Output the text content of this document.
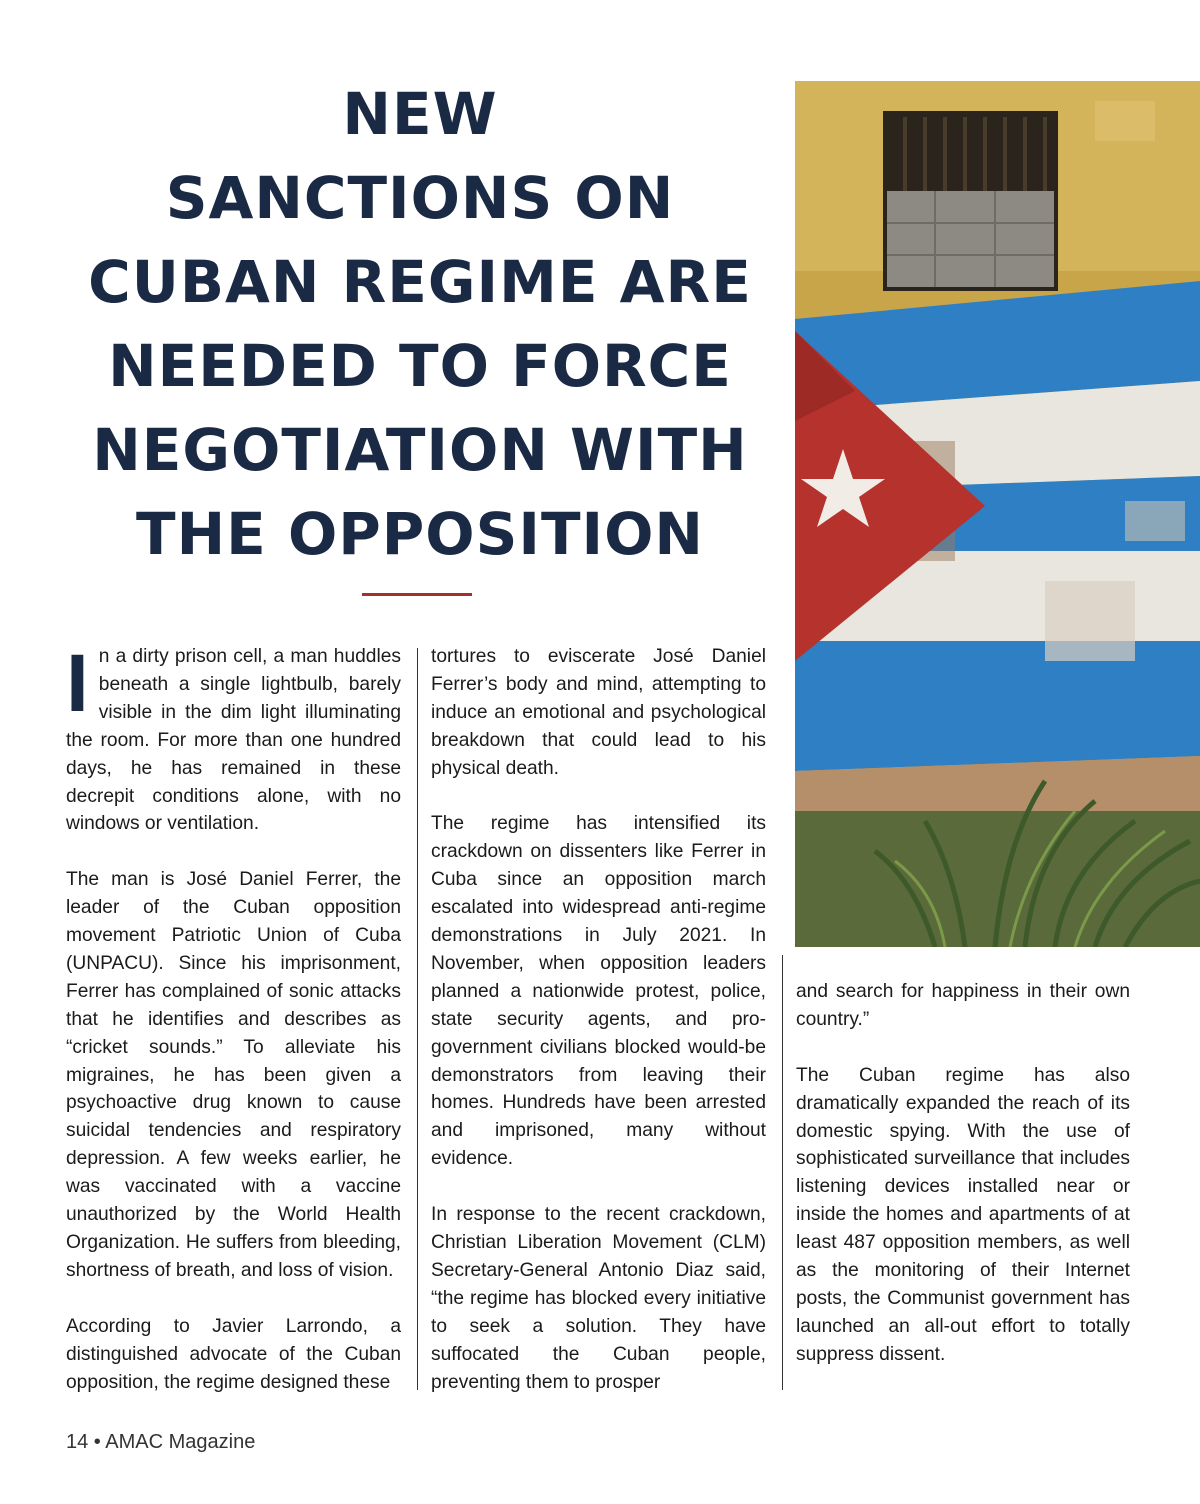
NEW
SANCTIONS ON
CUBAN REGIME ARE
NEEDED TO FORCE
NEGOTIATION WITH
THE OPPOSITION

In a dirty prison cell, a man huddles beneath a single lightbulb, barely visible in the dim light illuminating the room. For more than one hundred days, he has remained in these decrepit conditions alone, with no windows or ventilation.

The man is José Daniel Ferrer, the leader of the Cuban opposition movement Patriotic Union of Cuba (UNPACU). Since his imprisonment, Ferrer has complained of sonic attacks that he identifies and describes as “cricket sounds.” To alleviate his migraines, he has been given a psychoactive drug known to cause suicidal tendencies and respiratory depression. A few weeks earlier, he was vaccinated with a vaccine unauthorized by the World Health Organization. He suffers from bleeding, shortness of breath, and loss of vision.

According to Javier Larrondo, a distinguished advocate of the Cuban opposition, the regime designed these

tortures to eviscerate José Daniel Ferrer’s body and mind, attempting to induce an emotional and psychological breakdown that could lead to his physical death.

The regime has intensified its crackdown on dissenters like Ferrer in Cuba since an opposition march escalated into widespread anti-regime demonstrations in July 2021. In November, when opposition leaders planned a nationwide protest, police, state security agents, and pro-government civilians blocked would-be demonstrators from leaving their homes. Hundreds have been arrested and imprisoned, many without evidence.

In response to the recent crackdown, Christian Liberation Movement (CLM) Secretary-General Antonio Diaz said, “the regime has blocked every initiative to seek a solution. They have suffocated the Cuban people, preventing them to prosper

and search for happiness in their own country.”

The Cuban regime has also dramatically expanded the reach of its domestic spying. With the use of sophisticated surveillance that includes listening devices installed near or inside the homes and apartments of at least 487 opposition members, as well as the monitoring of their Internet posts, the Communist government has launched an all-out effort to totally suppress dissent.

14 • AMAC Magazine
